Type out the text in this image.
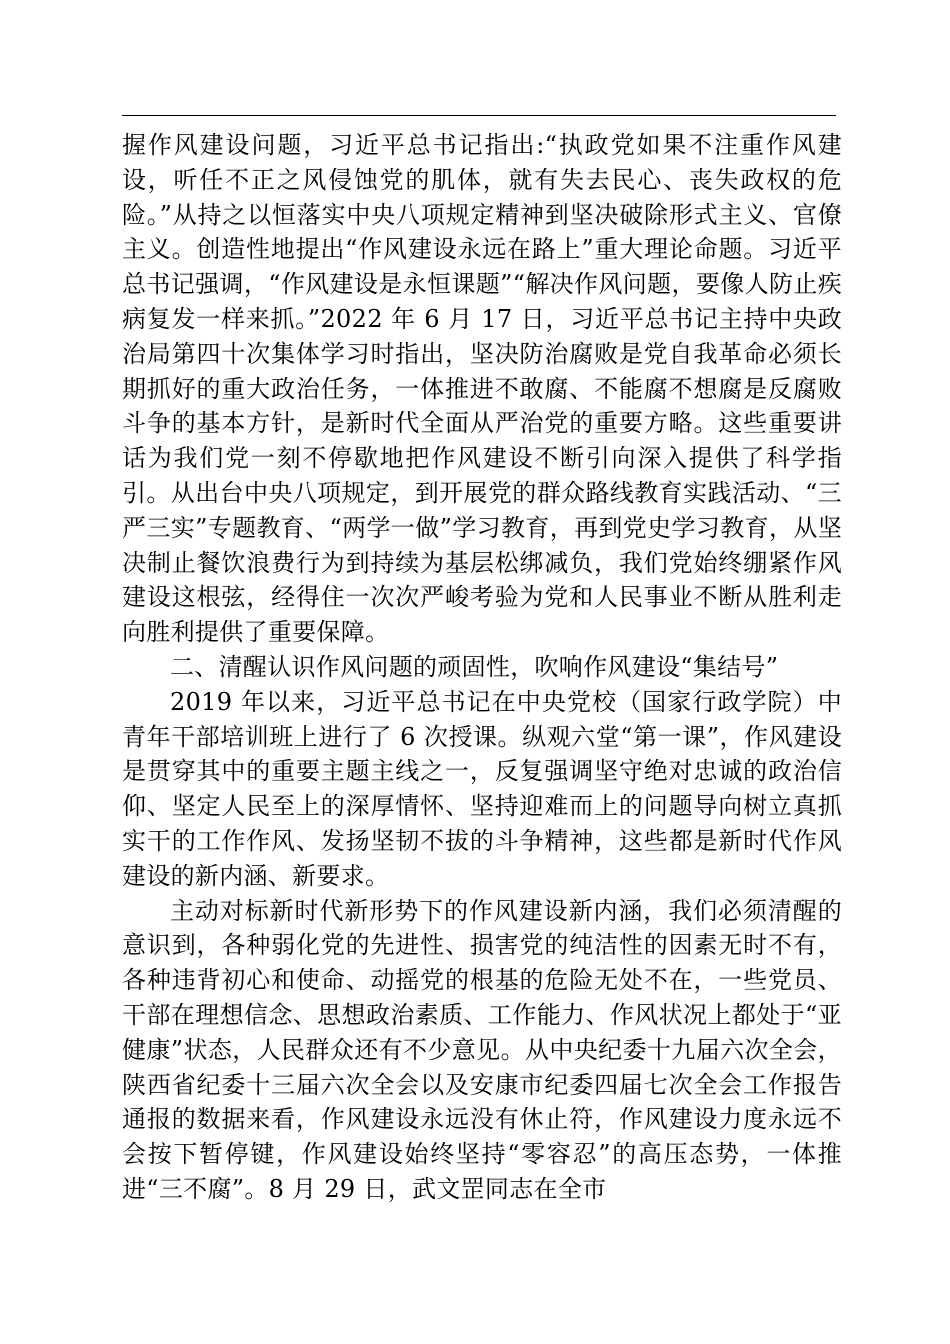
握作风建设问题，习近平总书记指出:“执政党如果不注重作风建设，听任不正之风侵蚀党的肌体，就有失去民心、丧失政权的危险。”从持之以恒落实中央八项规定精神到坚决破除形式主义、官僚主义。创造性地提出“作风建设永远在路上”重大理论命题。习近平总书记强调，“作风建设是永恒课题”“解决作风问题，要像人防止疾病复发一样来抓。”2022 年 6 月 17 日，习近平总书记主持中央政治局第四十次集体学习时指出，坚决防治腐败是党自我革命必须长期抓好的重大政治任务，一体推进不敢腐、不能腐不想腐是反腐败斗争的基本方针，是新时代全面从严治党的重要方略。这些重要讲话为我们党一刻不停歇地把作风建设不断引向深入提供了科学指引。从出台中央八项规定，到开展党的群众路线教育实践活动、“三严三实”专题教育、“两学一做”学习教育，再到党史学习教育，从坚决制止餐饮浪费行为到持续为基层松绑减负，我们党始终绷紧作风建设这根弦，经得住一次次严峻考验为党和人民事业不断从胜利走向胜利提供了重要保障。

二、清醒认识作风问题的顽固性，吹响作风建设“集结号”

2019 年以来，习近平总书记在中央党校（国家行政学院）中青年干部培训班上进行了 6 次授课。纵观六堂“第一课”，作风建设是贯穿其中的重要主题主线之一，反复强调坚守绝对忠诚的政治信仰、坚定人民至上的深厚情怀、坚持迎难而上的问题导向树立真抓实干的工作作风、发扬坚韧不拔的斗争精神，这些都是新时代作风建设的新内涵、新要求。

主动对标新时代新形势下的作风建设新内涵，我们必须清醒的意识到，各种弱化党的先进性、损害党的纯洁性的因素无时不有，各种违背初心和使命、动摇党的根基的危险无处不在，一些党员、干部在理想信念、思想政治素质、工作能力、作风状况上都处于“亚健康”状态，人民群众还有不少意见。从中央纪委十九届六次全会，陕西省纪委十三届六次全会以及安康市纪委四届七次全会工作报告通报的数据来看，作风建设永远没有休止符，作风建设力度永远不会按下暂停键，作风建设始终坚持“零容忍”的高压态势，一体推进“三不腐”。8 月 29 日，武文罡同志在全市
